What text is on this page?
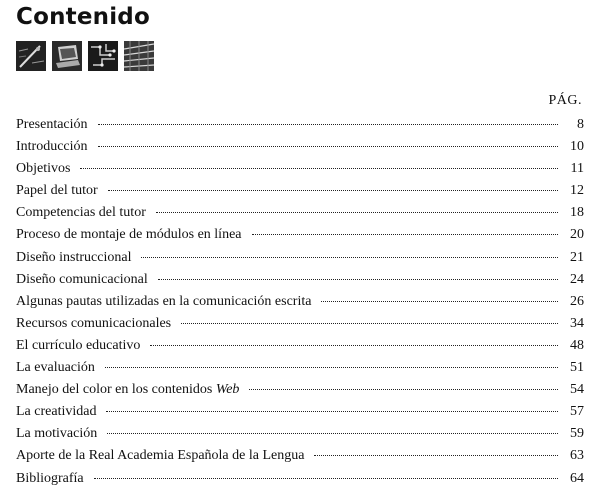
Contenido
PÁG.
Presentación	8
Introducción	10
Objetivos	11
Papel del tutor	12
Competencias del tutor	18
Proceso de montaje de módulos en línea	20
Diseño instruccional	21
Diseño comunicacional	24
Algunas pautas utilizadas en la comunicación escrita	26
Recursos comunicacionales	34
El currículo educativo	48
La evaluación	51
Manejo del color en los contenidos Web	54
La creatividad	57
La motivación	59
Aporte de la Real Academia Española de la Lengua	63
Bibliografía	64
